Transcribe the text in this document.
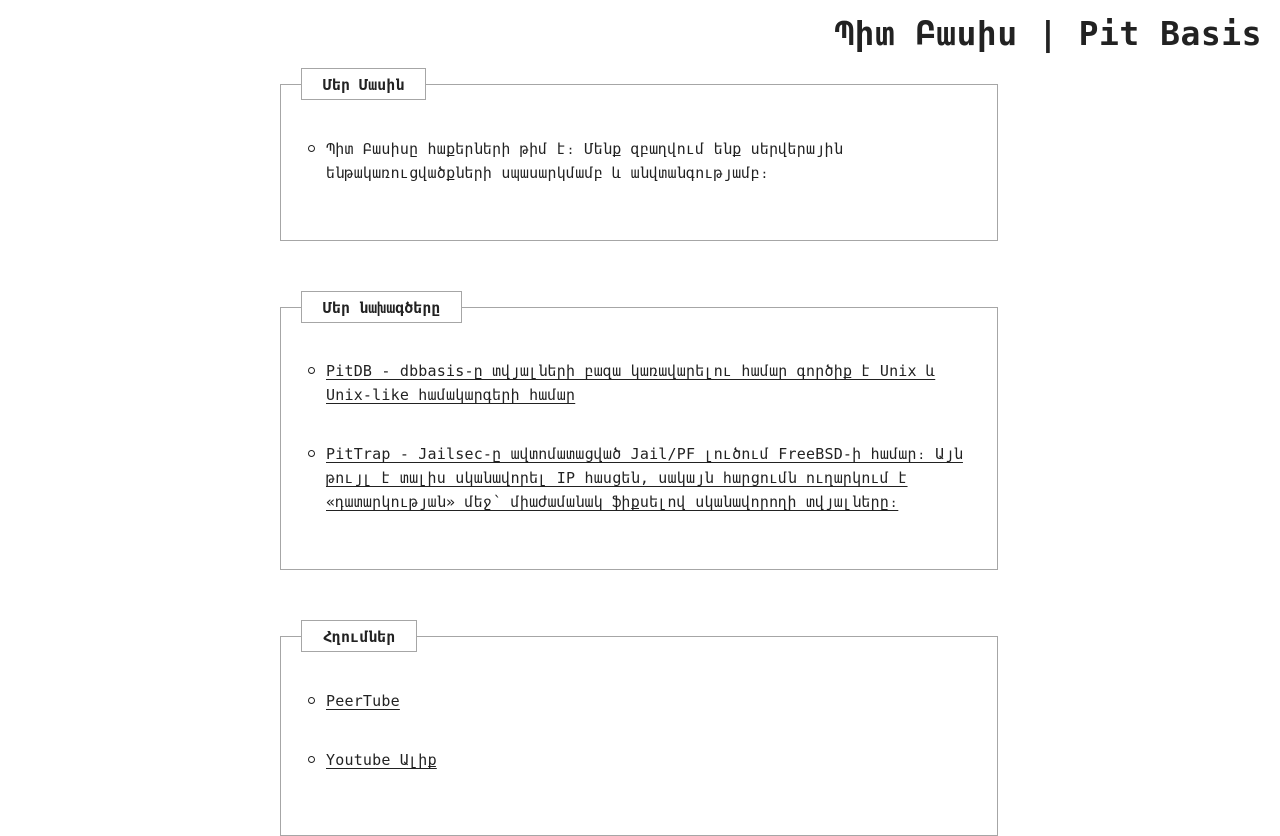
Պիտ Բասիս | Pit Basis
Մեր Մասին
Պիտ Բասիսը հաքերների թիմ է։ Մենք զբաղվում ենք սերվերային ենթակառուցվածքների սպասարկմամբ և անվտանգությամբ։
Մեր նախագծերը
PitDB - dbbasis-ը տվյալների բազա կառավարելու համար գործիք է Unix և Unix-like համակարգերի համար
PitTrap - Jailsec-ը ավտոմատացված Jail/PF լուծում FreeBSD-ի համար։ Այն թույլ է տալիս սկանավորել IP հասցեն, սակայն հարցումն ուղարկում է «դատարկության» մեջ՝ միաժամանակ ֆիքսելով սկանավորողի տվյալները։
Հղումներ
PeerTube
Youtube Ալիք
